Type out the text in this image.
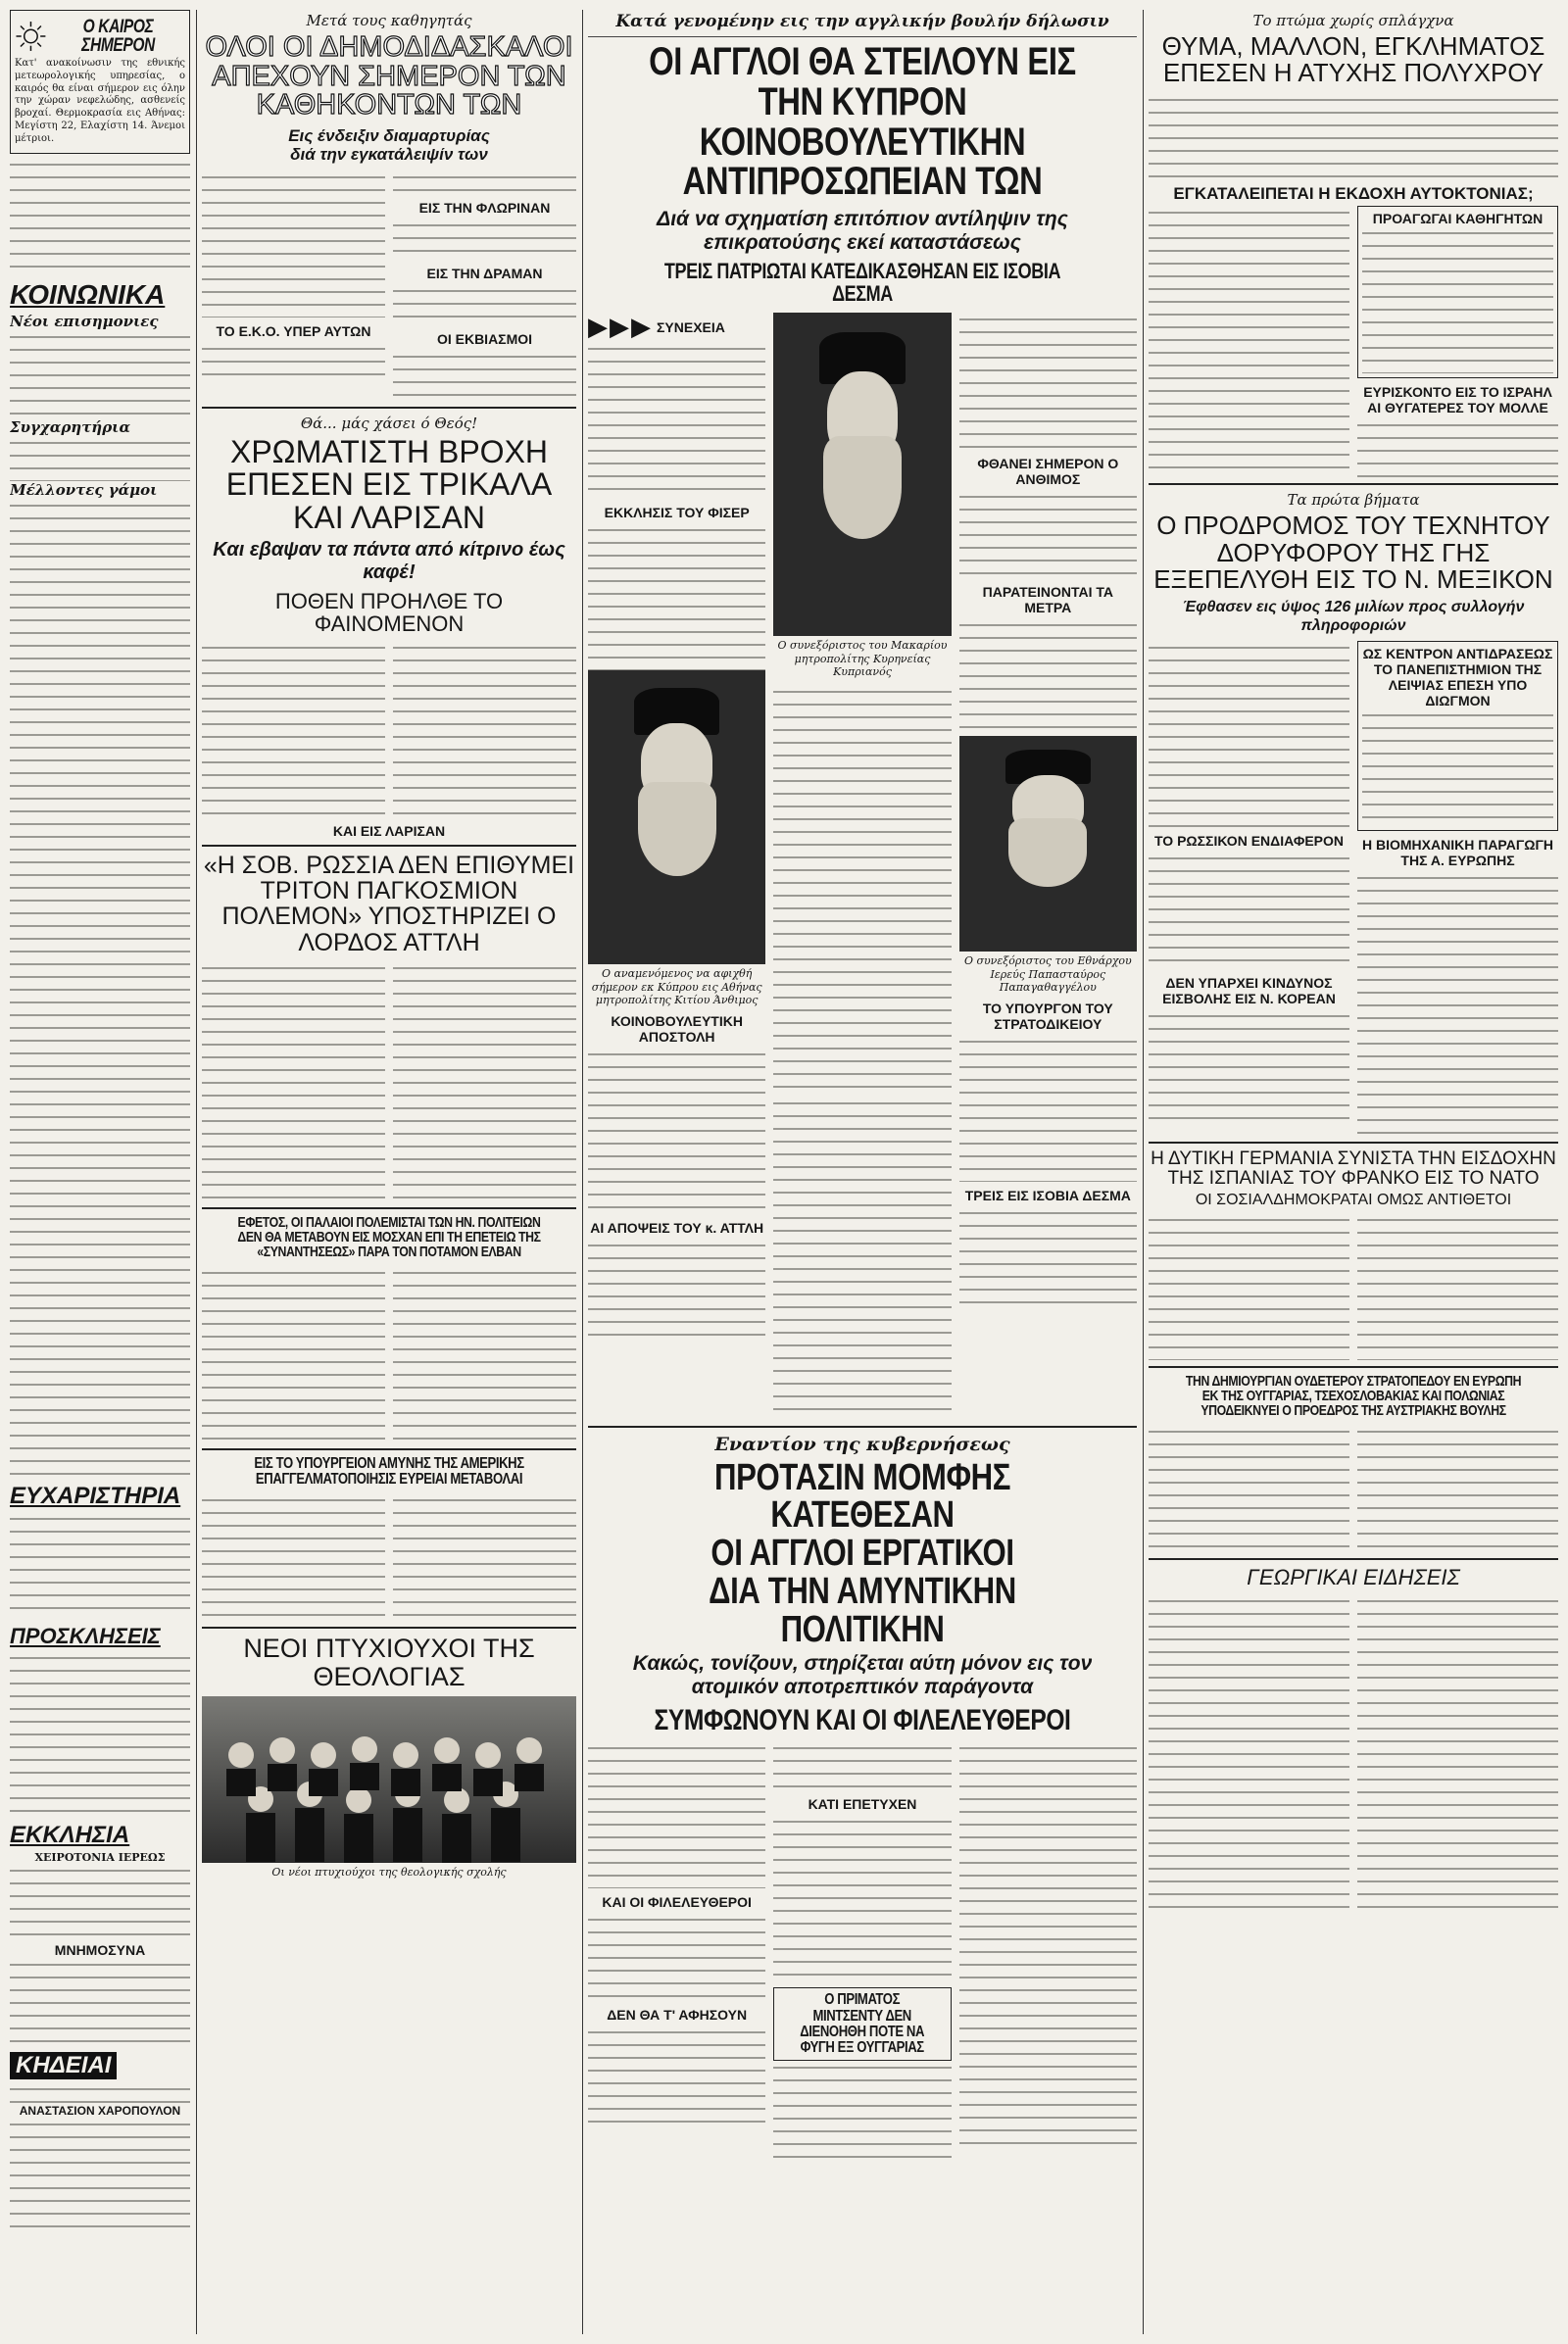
Ο ΚΑΙΡΟΣ ΣΗΜΕΡΟΝ

Κατ' ανακοίνωσιν της εθνικής μετεωρολογικής υπηρεσίας, ο καιρός θα είναι σήμερον εις όλην την χώραν νεφελώδης, ασθενείς βροχαί. Θερμοκρασία εις Αθήνας: Μεγίστη 22, Ελαχίστη 14. Άνεμοι μέτριοι.

ΚΟΙΝΩΝΙΚΑ
Νέοι επισημονιες
Συγχαρητήρια
Μέλλοντες γάμοι
ΕΥΧΑΡΙΣΤΗΡΙΑ
ΠΡΟΣΚΛΗΣΕΙΣ
ΕΚΚΛΗΣΙΑ
ΧΕΙΡΟΤΟΝΙΑ ΙΕΡΕΩΣ
ΜΝΗΜΟΣΥΝΑ
ΚΗΔΕΙΑΙ
ΑΝΑΣΤΑΣΙΟΝ ΧΑΡΟΠΟΥΛΟΝ
Μετά τους καθηγητάς
ΟΛΟΙ ΟΙ ΔΗΜΟΔΙΔΑΣΚΑΛΟΙ ΑΠΕΧΟΥΝ ΣΗΜΕΡΟΝ ΤΩΝ ΚΑΘΗΚΟΝΤΩΝ ΤΩΝ
Εις ένδειξιν διαμαρτυρίας
διά την εγκατάλειψίν των
ΤΟ Ε.Κ.Ο. ΥΠΕΡ ΑΥΤΩΝ
ΕΙΣ ΤΗΝ ΦΛΩΡΙΝΑΝ
ΕΙΣ ΤΗΝ ΔΡΑΜΑΝ
ΟΙ ΕΚΒΙΑΣΜΟΙ
Θά... μάς χάσει ό Θεός!
ΧΡΩΜΑΤΙΣΤΗ ΒΡΟΧΗ ΕΠΕΣΕΝ ΕΙΣ ΤΡΙΚΑΛΑ ΚΑΙ ΛΑΡΙΣΑΝ
Και εβαψαν τα πάντα από κίτρινο έως καφέ!
ΠΟΘΕΝ ΠΡΟΗΛΘΕ ΤΟ ΦΑΙΝΟΜΕΝΟΝ
ΚΑΙ ΕΙΣ ΛΑΡΙΣΑΝ
«Η ΣΟΒ. ΡΩΣΣΙΑ ΔΕΝ ΕΠΙΘΥΜΕΙ ΤΡΙΤΟΝ ΠΑΓΚΟΣΜΙΟΝ ΠΟΛΕΜΟΝ» ΥΠΟΣΤΗΡΙΖΕΙ Ο ΛΟΡΔΟΣ ΑΤΤΛΗ
ΕΦΕΤΟΣ, ΟΙ ΠΑΛΑΙΟΙ ΠΟΛΕΜΙΣΤΑΙ ΤΩΝ ΗΝ. ΠΟΛΙΤΕΙΩΝ ΔΕΝ ΘΑ ΜΕΤΑΒΟΥΝ ΕΙΣ ΜΟΣΧΑΝ ΕΠΙ ΤΗ ΕΠΕΤΕΙΩ ΤΗΣ «ΣΥΝΑΝΤΗΣΕΩΣ» ΠΑΡΑ ΤΟΝ ΠΟΤΑΜΟΝ ΕΛΒΑΝ
ΕΙΣ ΤΟ ΥΠΟΥΡΓΕΙΟΝ ΑΜΥΝΗΣ ΤΗΣ ΑΜΕΡΙΚΗΣ ΕΠΑΓΓΕΛΜΑΤΟΠΟΙΗΣΙΣ ΕΥΡΕΙΑΙ ΜΕΤΑΒΟΛΑΙ
ΝΕΟΙ ΠΤΥΧΙΟΥΧΟΙ ΤΗΣ ΘΕΟΛΟΓΙΑΣ
Οι νέοι πτυχιούχοι της θεολογικής σχολής
Κατά γενομένην εις την αγγλικήν βουλήν δήλωσιν
ΟΙ ΑΓΓΛΟΙ ΘΑ ΣΤΕΙΛΟΥΝ ΕΙΣ ΤΗΝ ΚΥΠΡΟΝ
ΚΟΙΝΟΒΟΥΛΕΥΤΙΚΗΝ ΑΝΤΙΠΡΟΣΩΠΕΙΑΝ ΤΩΝ
Διά να σχηματίση επιτόπιον αντίληψιν της επικρατούσης εκεί καταστάσεως
ΤΡΕΙΣ ΠΑΤΡΙΩΤΑΙ ΚΑΤΕΔΙΚΑΣΘΗΣΑΝ ΕΙΣ ΙΣΟΒΙΑ ΔΕΣΜΑ
▶▶▶ ΣΥΝΕΧΕΙΑ
ΕΚΚΛΗΣΙΣ ΤΟΥ ΦΙΣΕΡ
Ο αναμενόμενος να αφιχθή σήμερον εκ Κύπρου εις Αθήνας μητροπολίτης Κιτίου Άνθιμος
ΚΟΙΝΟΒΟΥΛΕΥΤΙΚΗ ΑΠΟΣΤΟΛΗ
ΑΙ ΑΠΟΨΕΙΣ ΤΟΥ κ. ΑΤΤΛΗ
Ο συνεξόριστος του Μακαρίου μητροπολίτης Κυρηνείας Κυπριανός
ΦΘΑΝΕΙ ΣΗΜΕΡΟΝ Ο ΑΝΘΙΜΟΣ
ΠΑΡΑΤΕΙΝΟΝΤΑΙ ΤΑ ΜΕΤΡΑ
Ο συνεξόριστος του Εθνάρχου Ιερεύς Παπασταύρος Παπαγαθαγγέλου
ΤΟ ΥΠΟΥΡΓΟΝ ΤΟΥ ΣΤΡΑΤΟΔΙΚΕΙΟΥ
ΤΡΕΙΣ ΕΙΣ ΙΣΟΒΙΑ ΔΕΣΜΑ
Εναντίον της κυβερνήσεως
ΠΡΟΤΑΣΙΝ ΜΟΜΦΗΣ ΚΑΤΕΘΕΣΑΝ
ΟΙ ΑΓΓΛΟΙ ΕΡΓΑΤΙΚΟΙ
ΔΙΑ ΤΗΝ ΑΜΥΝΤΙΚΗΝ ΠΟΛΙΤΙΚΗΝ
Κακώς, τονίζουν, στηρίζεται αύτη μόνον εις τον ατομικόν αποτρεπτικόν παράγοντα
ΣΥΜΦΩΝΟΥΝ ΚΑΙ ΟΙ ΦΙΛΕΛΕΥΘΕΡΟΙ
ΚΑΙ ΟΙ ΦΙΛΕΛΕΥΘΕΡΟΙ
ΔΕΝ ΘΑ Τ' ΑΦΗΣΟΥΝ
ΚΑΤΙ ΕΠΕΤΥΧΕΝ
Ο ΠΡΙΜΑΤΟΣ ΜΙΝΤΣΕΝΤΥ ΔΕΝ ΔΙΕΝΟΗΘΗ ΠΟΤΕ ΝΑ ΦΥΓΗ ΕΞ ΟΥΓΓΑΡΙΑΣ
Το πτώμα χωρίς σπλάγχνα
ΘΥΜΑ, ΜΑΛΛΟΝ, ΕΓΚΛΗΜΑΤΟΣ ΕΠΕΣΕΝ Η ΑΤΥΧΗΣ ΠΟΛΥΧΡΟΥ
ΕΓΚΑΤΑΛΕΙΠΕΤΑΙ Η ΕΚΔΟΧΗ ΑΥΤΟΚΤΟΝΙΑΣ;
ΠΡΟΑΓΩΓΑΙ ΚΑΘΗΓΗΤΩΝ
ΕΥΡΙΣΚΟΝΤΟ ΕΙΣ ΤΟ ΙΣΡΑΗΛ ΑΙ ΘΥΓΑΤΕΡΕΣ ΤΟΥ ΜΟΛΛΕ
Τα πρώτα βήματα
Ο ΠΡΟΔΡΟΜΟΣ ΤΟΥ ΤΕΧΝΗΤΟΥ ΔΟΡΥΦΟΡΟΥ ΤΗΣ ΓΗΣ ΕΞΕΠΕΛΥΘΗ ΕΙΣ ΤΟ Ν. ΜΕΞΙΚΟΝ
Έφθασεν εις ύψος 126 μιλίων προς συλλογήν πληροφοριών
ΤΟ ΡΩΣΣΙΚΟΝ ΕΝΔΙΑΦΕΡΟΝ
ΔΕΝ ΥΠΑΡΧΕΙ ΚΙΝΔΥΝΟΣ ΕΙΣΒΟΛΗΣ ΕΙΣ Ν. ΚΟΡΕΑΝ
ΩΣ ΚΕΝΤΡΟΝ ΑΝΤΙΔΡΑΣΕΩΣ ΤΟ ΠΑΝΕΠΙΣΤΗΜΙΟΝ ΤΗΣ ΛΕΙΨΙΑΣ ΕΠΕΣΗ ΥΠΟ ΔΙΩΓΜΟΝ
Η ΒΙΟΜΗΧΑΝΙΚΗ ΠΑΡΑΓΩΓΗ ΤΗΣ Α. ΕΥΡΩΠΗΣ
Η ΔΥΤΙΚΗ ΓΕΡΜΑΝΙΑ ΣΥΝΙΣΤΑ ΤΗΝ ΕΙΣΔΟΧΗΝ ΤΗΣ ΙΣΠΑΝΙΑΣ ΤΟΥ ΦΡΑΝΚΟ ΕΙΣ ΤΟ ΝΑΤΟ
ΟΙ ΣΟΣΙΑΛΔΗΜΟΚΡΑΤΑΙ ΟΜΩΣ ΑΝΤΙΘΕΤΟΙ
ΤΗΝ ΔΗΜΙΟΥΡΓΙΑΝ ΟΥΔΕΤΕΡΟΥ ΣΤΡΑΤΟΠΕΔΟΥ ΕΝ ΕΥΡΩΠΗ ΕΚ ΤΗΣ ΟΥΓΓΑΡΙΑΣ, ΤΣΕΧΟΣΛΟΒΑΚΙΑΣ ΚΑΙ ΠΟΛΩΝΙΑΣ ΥΠΟΔΕΙΚΝΥΕΙ Ο ΠΡΟΕΔΡΟΣ ΤΗΣ ΑΥΣΤΡΙΑΚΗΣ ΒΟΥΛΗΣ
ΓΕΩΡΓΙΚΑΙ ΕΙΔΗΣΕΙΣ
